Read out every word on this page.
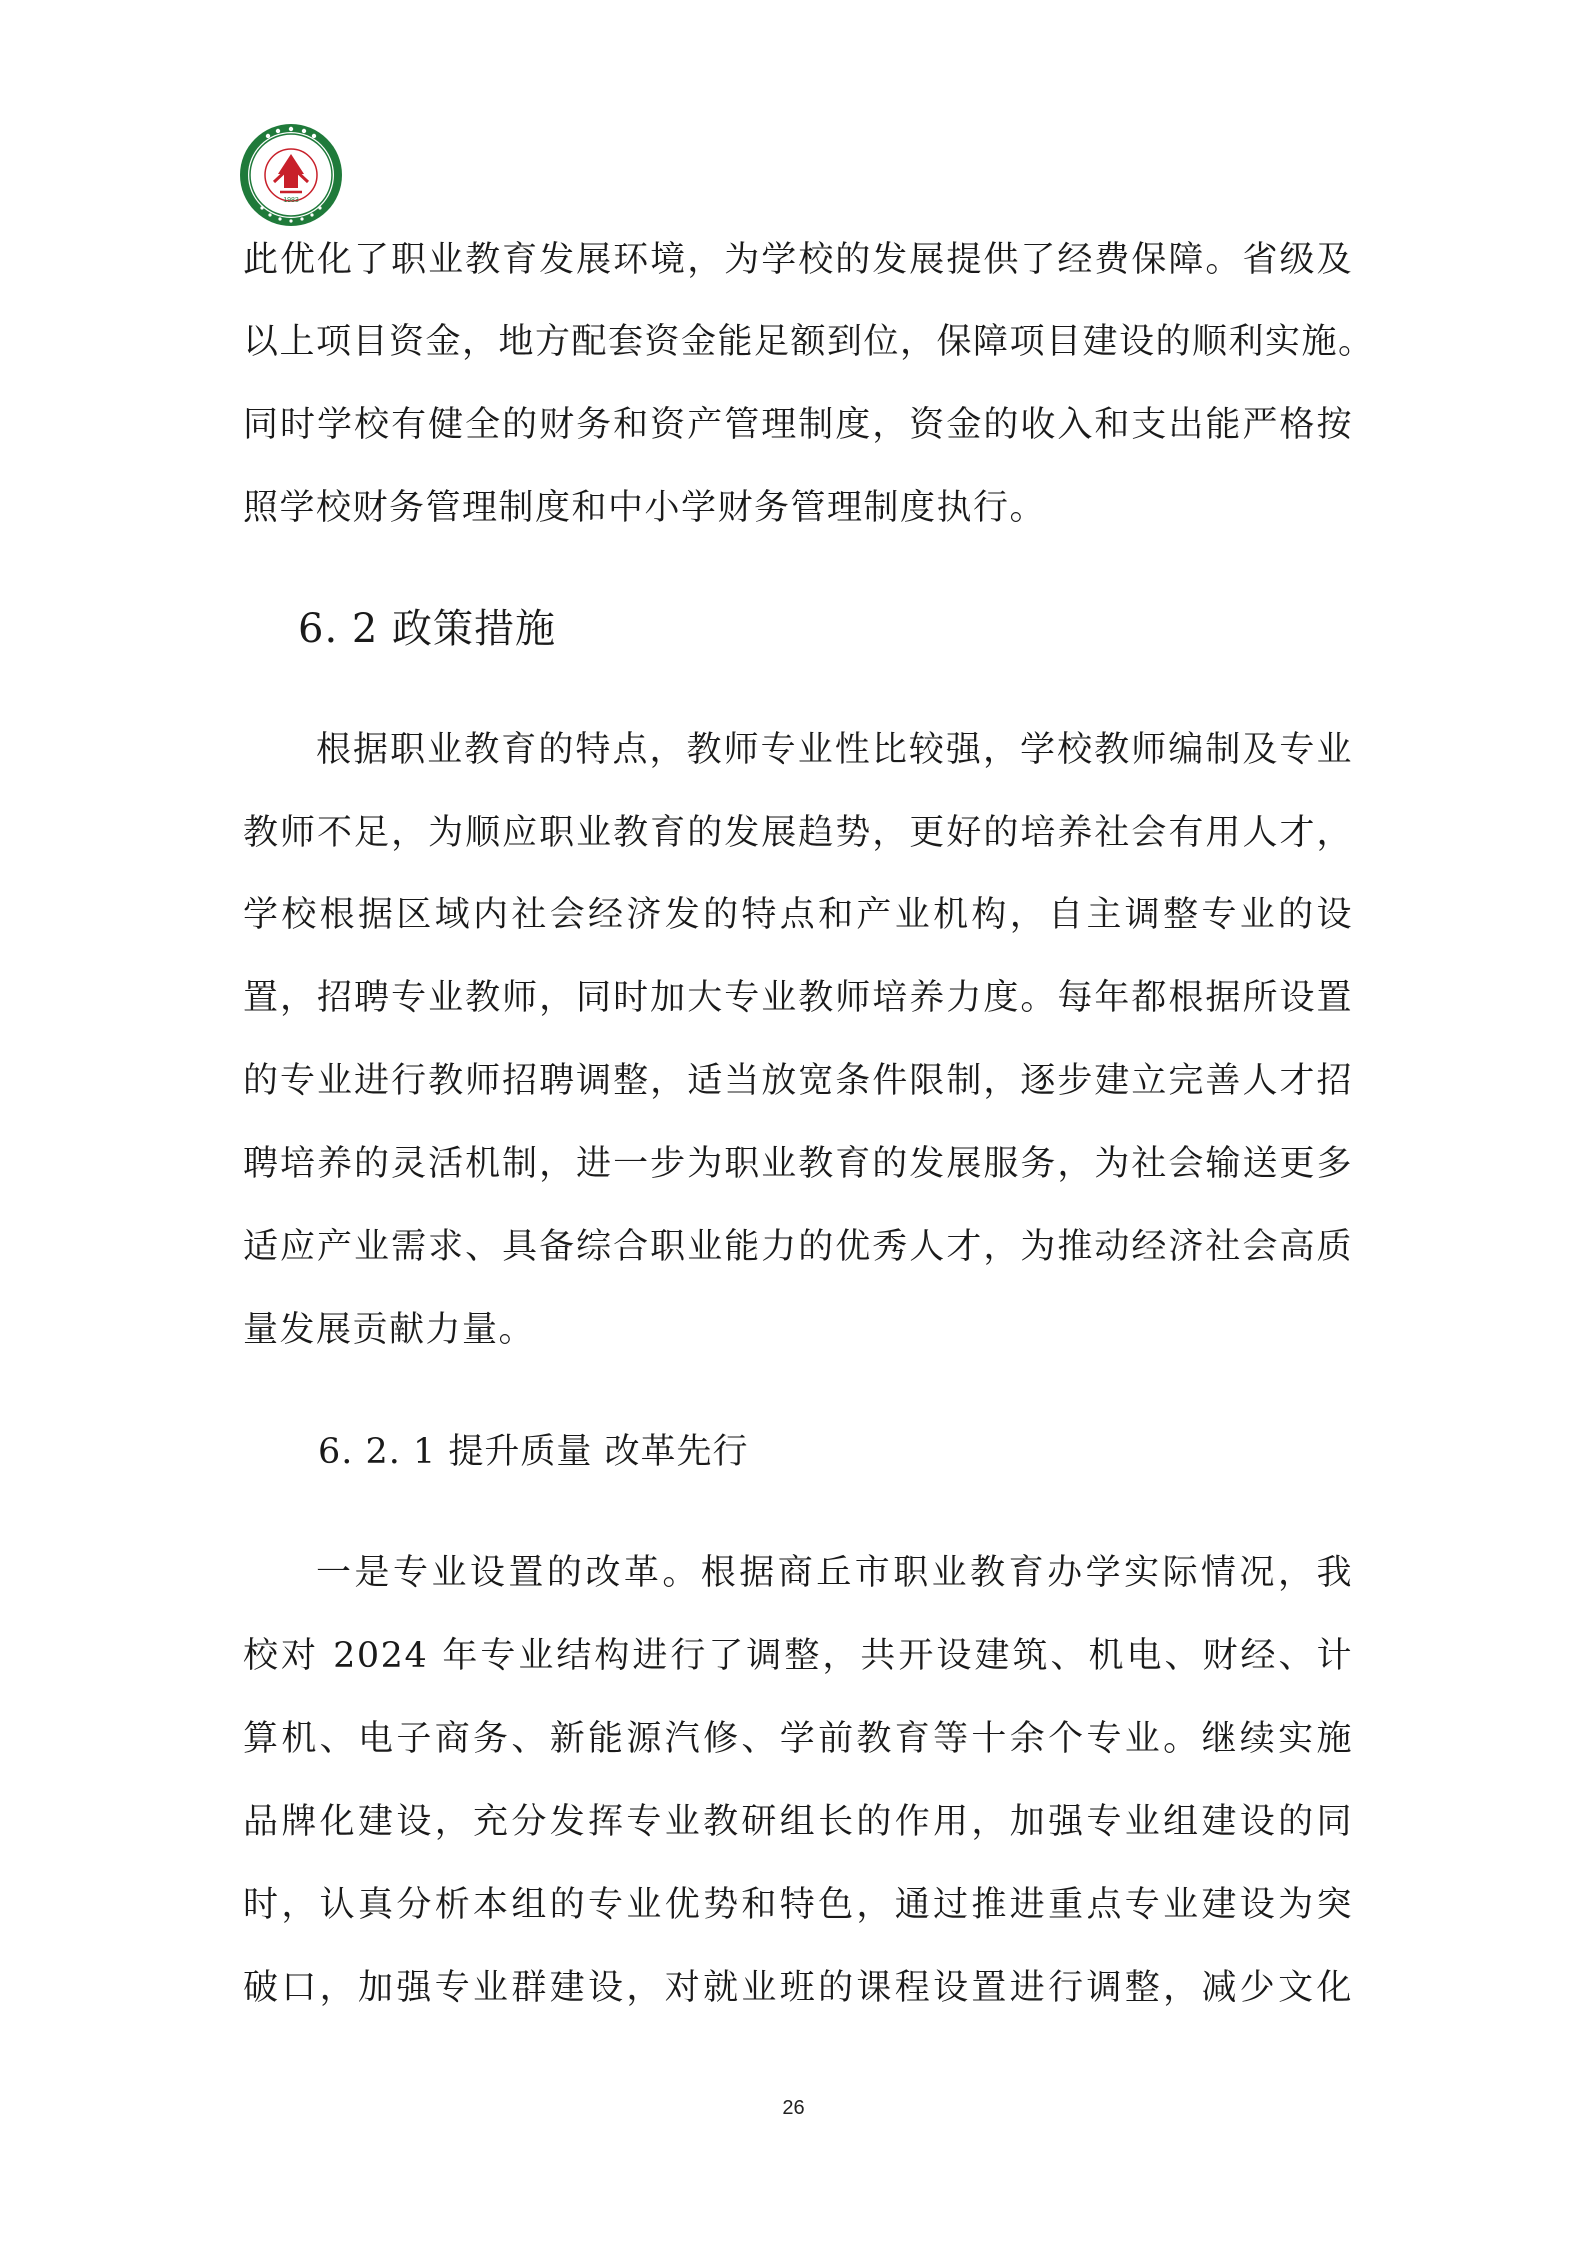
1983
此优化了职业教育发展环境，为学校的发展提供了经费保障。省级及
以上项目资金，地方配套资金能足额到位，保障项目建设的顺利实施。
同时学校有健全的财务和资产管理制度，资金的收入和支出能严格按
照学校财务管理制度和中小学财务管理制度执行。
6. 2 政策措施
根据职业教育的特点，教师专业性比较强，学校教师编制及专业
教师不足，为顺应职业教育的发展趋势，更好的培养社会有用人才，
学校根据区域内社会经济发的特点和产业机构，自主调整专业的设
置，招聘专业教师，同时加大专业教师培养力度。每年都根据所设置
的专业进行教师招聘调整，适当放宽条件限制，逐步建立完善人才招
聘培养的灵活机制，进一步为职业教育的发展服务，为社会输送更多
适应产业需求、具备综合职业能力的优秀人才，为推动经济社会高质
量发展贡献力量。
6. 2. 1 提升质量 改革先行
一是专业设置的改革。根据商丘市职业教育办学实际情况，我
校对 2024 年专业结构进行了调整，共开设建筑、机电、财经、计
算机、电子商务、新能源汽修、学前教育等十余个专业。继续实施
品牌化建设，充分发挥专业教研组长的作用，加强专业组建设的同
时，认真分析本组的专业优势和特色，通过推进重点专业建设为突
破口，加强专业群建设，对就业班的课程设置进行调整，减少文化
26
